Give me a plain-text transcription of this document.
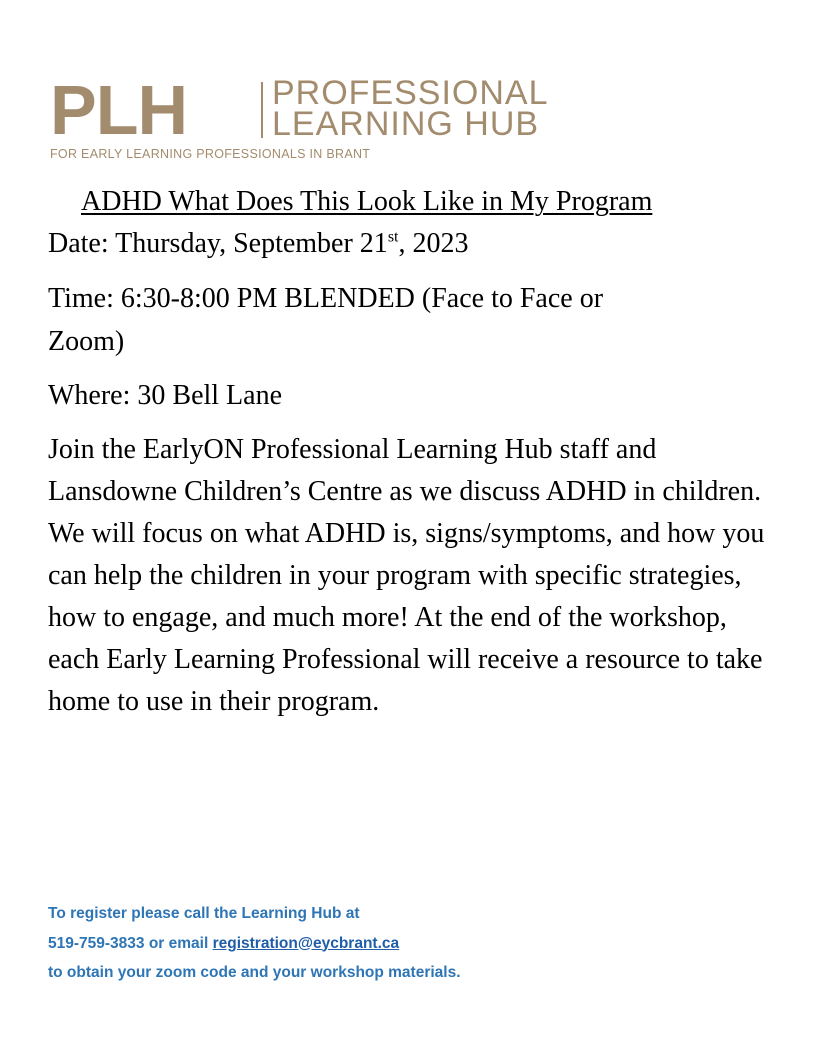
PLH	PROFESSIONAL
LEARNING HUB
FOR EARLY LEARNING PROFESSIONALS IN BRANT
ADHD What Does This Look Like in My Program
Date: Thursday, September 21st, 2023
Time: 6:30-8:00 PM BLENDED (Face to Face or
Zoom)
Where: 30 Bell Lane
Join the EarlyON Professional Learning Hub staff and Lansdowne Children’s Centre as we discuss ADHD in children. We will focus on what ADHD is, signs/symptoms, and how you can help the children in your program with specific strategies, how to engage, and much more! At the end of the workshop, each Early Learning Professional will receive a resource to take home to use in their program.
To register please call the Learning Hub at
519-759-3833 or email registration@eycbrant.ca
to obtain your zoom code and your workshop materials.
